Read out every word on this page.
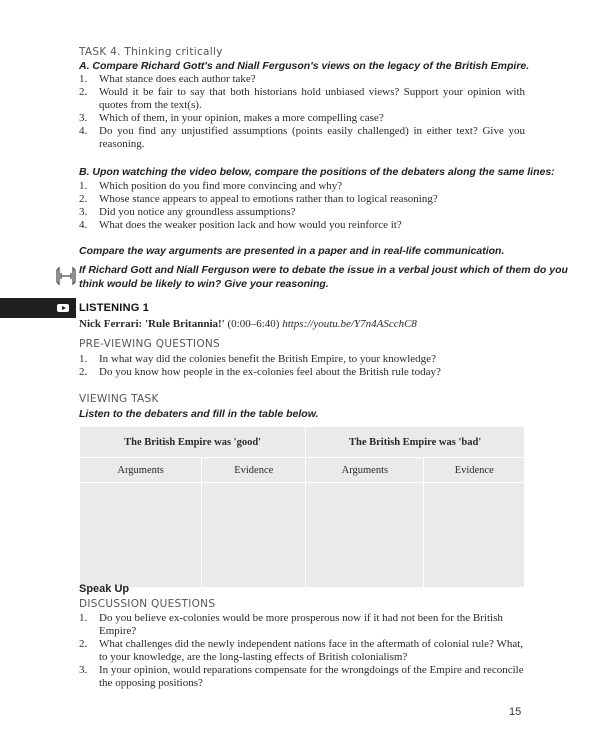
TASK 4. Thinking critically
A. Compare Richard Gott's and Niall Ferguson's views on the legacy of the British Empire.
1. What stance does each author take?
2. Would it be fair to say that both historians hold unbiased views? Support your opinion with quotes from the text(s).
3. Which of them, in your opinion, makes a more compelling case?
4. Do you find any unjustified assumptions (points easily challenged) in either text? Give you reasoning.
B. Upon watching the video below, compare the positions of the debaters along the same lines:
1. Which position do you find more convincing and why?
2. Whose stance appears to appeal to emotions rather than to logical reasoning?
3. Did you notice any groundless assumptions?
4. What does the weaker position lack and how would you reinforce it?
Compare the way arguments are presented in a paper and in real-life communication.
If Richard Gott and Niall Ferguson were to debate the issue in a verbal joust which of them do you
think would be likely to win? Give your reasoning.
LISTENING 1
Nick Ferrari: 'Rule Britannia!' (0:00–6:40) https://youtu.be/Y7n4AScchC8
PRE-VIEWING QUESTIONS
1. In what way did the colonies benefit the British Empire, to your knowledge?
2. Do you know how people in the ex-colonies feel about the British rule today?
VIEWING TASK
Listen to the debaters and fill in the table below.
The British Empire was 'good'		The British Empire was 'bad'	
Arguments	Evidence	Arguments	Evidence

Speak Up
DISCUSSION QUESTIONS
1. Do you believe ex-colonies would be more prosperous now if it had not been for the British Empire?
2. What challenges did the newly independent nations face in the aftermath of colonial rule? What, to your knowledge, are the long-lasting effects of British colonialism?
3. In your opinion, would reparations compensate for the wrongdoings of the Empire and reconcile the opposing positions?
15
